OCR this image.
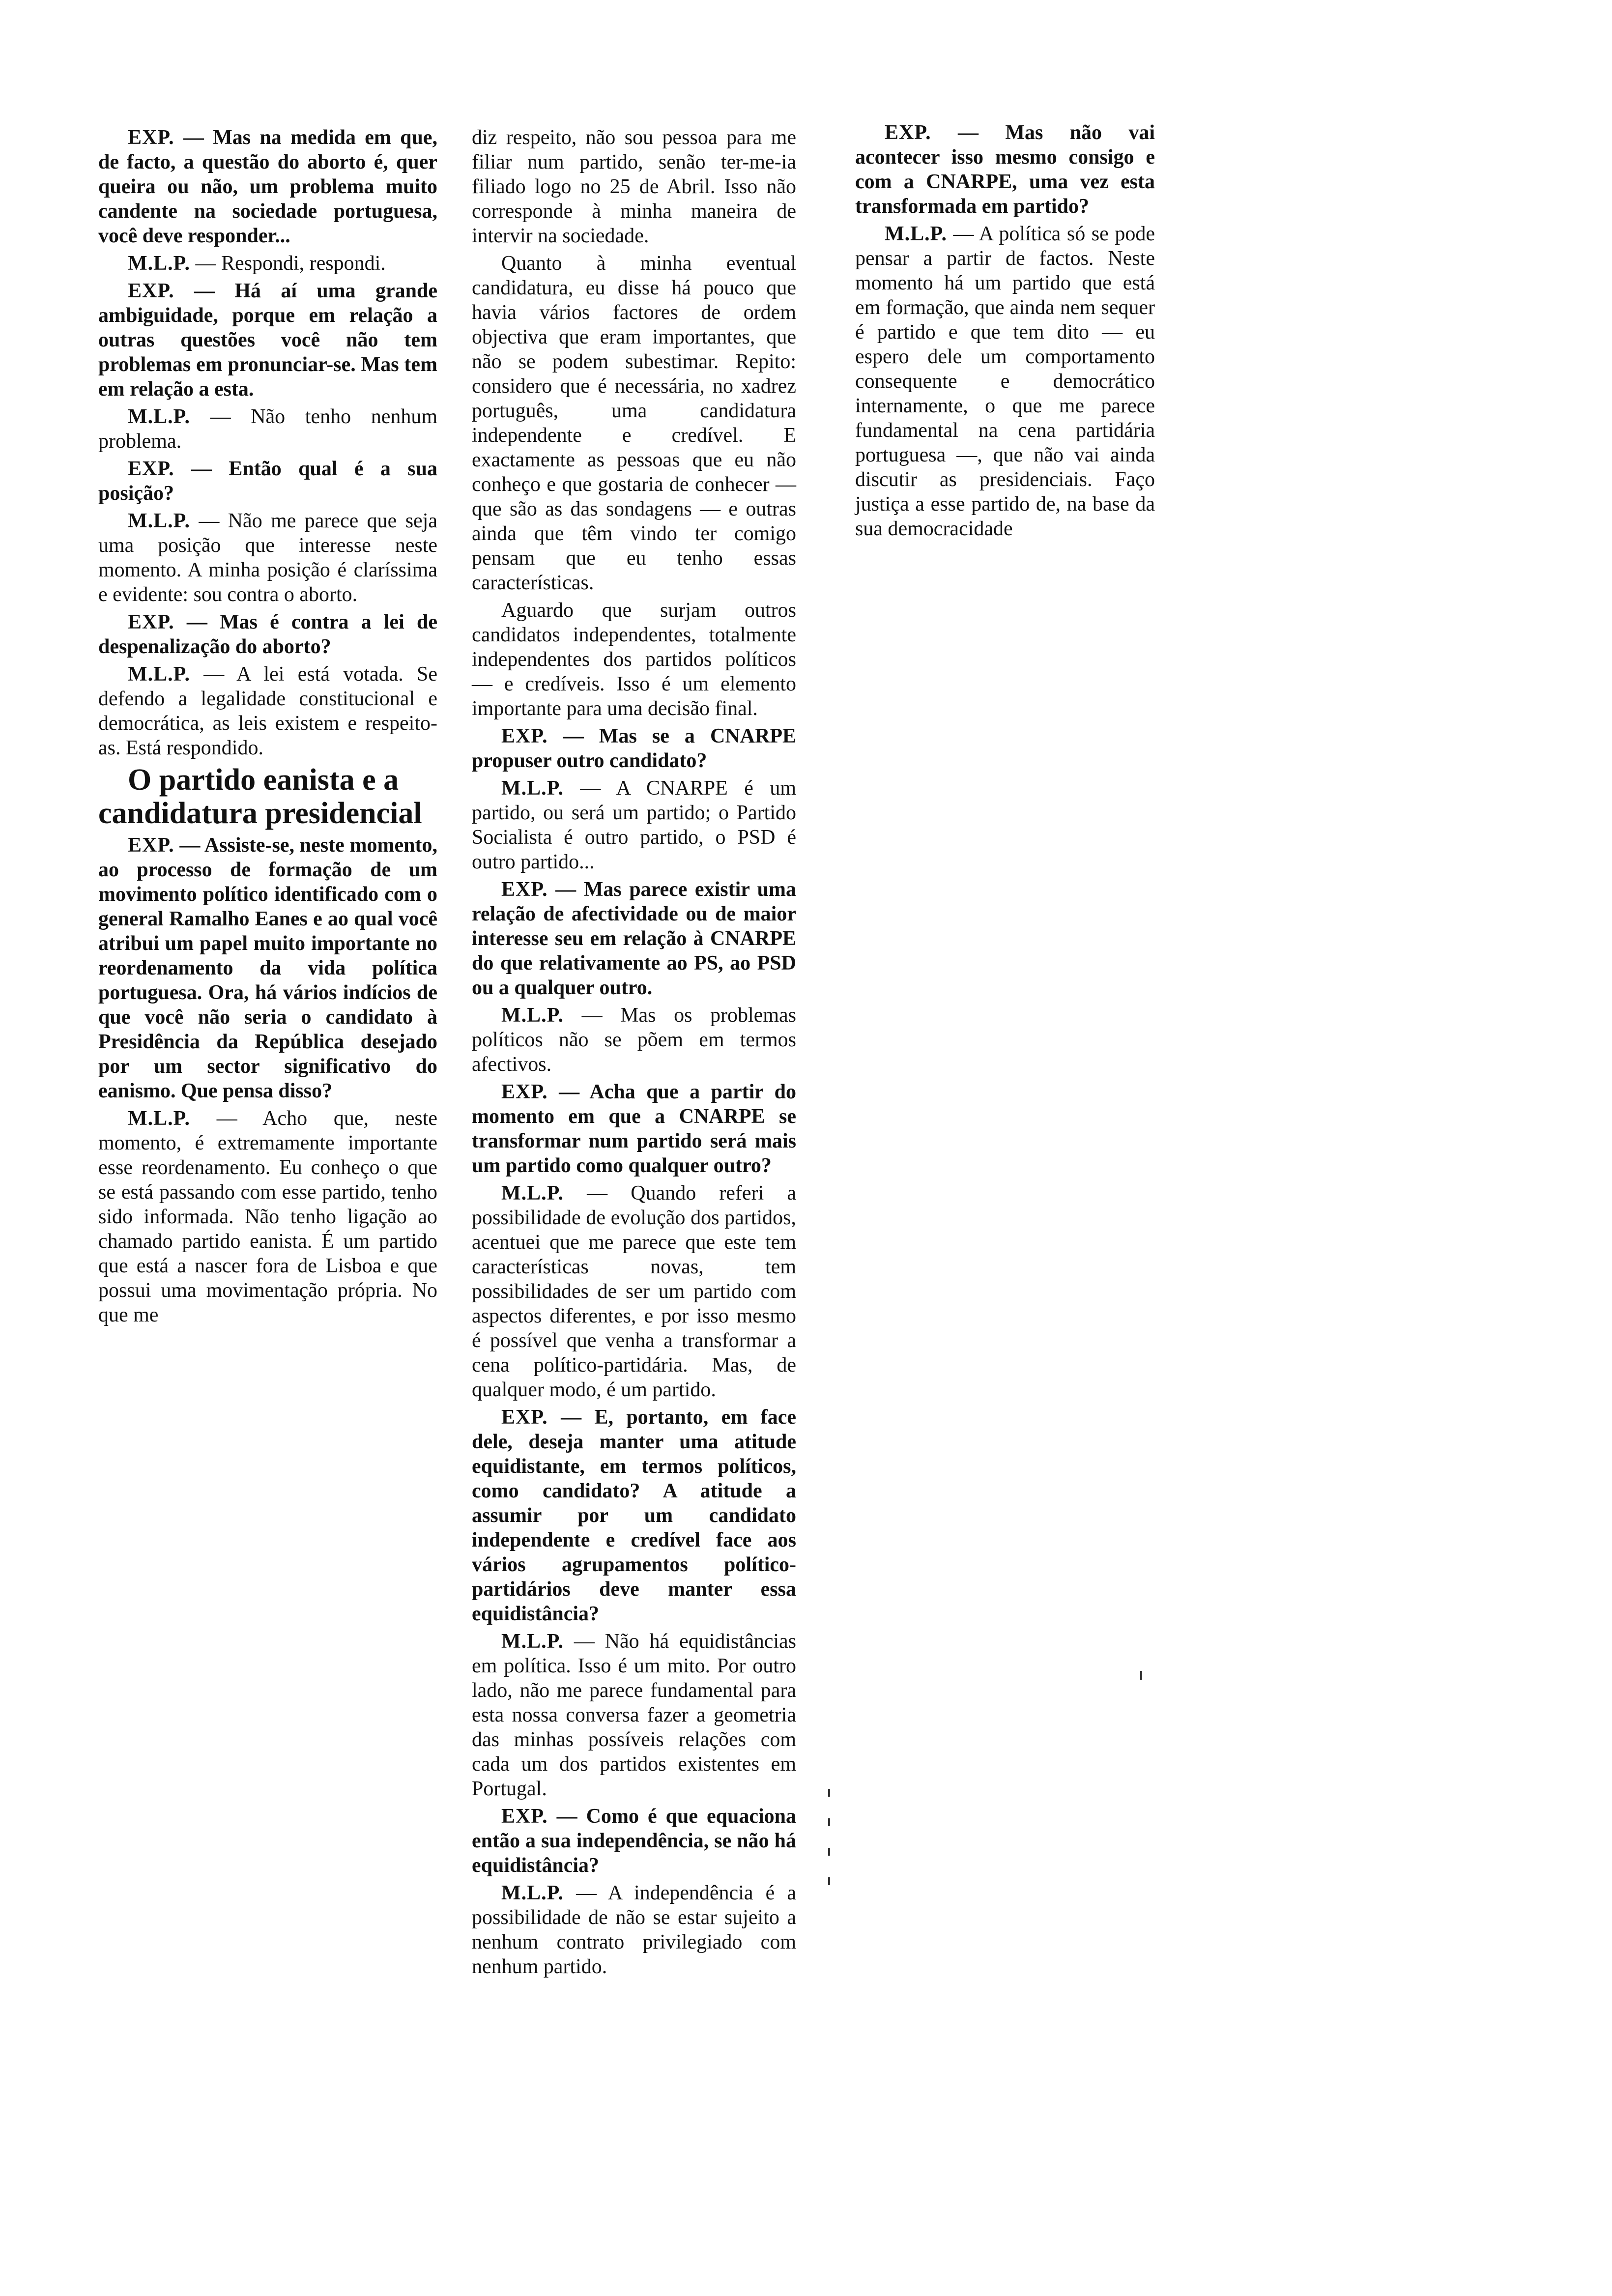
EXP. — Mas na medida em que, de facto, a questão do aborto é, quer queira ou não, um problema muito candente na sociedade portuguesa, você deve responder...

M.L.P. — Respondi, respondi.

EXP. — Há aí uma grande ambiguidade, porque em relação a outras questões você não tem problemas em pronunciar-se. Mas tem em relação a esta.

M.L.P. — Não tenho nenhum problema.

EXP. — Então qual é a sua posição?

M.L.P. — Não me parece que seja uma posição que interesse neste momento. A minha posição é claríssima e evidente: sou contra o aborto.

EXP. — Mas é contra a lei de despenalização do aborto?

M.L.P. — A lei está votada. Se defendo a legalidade constitucional e democrática, as leis existem e respeito-as. Está respondido.

O partido eanista e a candidatura presidencial

EXP. — Assiste-se, neste momento, ao processo de formação de um movimento político identificado com o general Ramalho Eanes e ao qual você atribui um papel muito importante no reordenamento da vida política portuguesa. Ora, há vários indícios de que você não seria o candidato à Presidência da República desejado por um sector significativo do eanismo. Que pensa disso?

M.L.P. — Acho que, neste momento, é extremamente importante esse reordenamento. Eu conheço o que se está passando com esse partido, tenho sido informada. Não tenho ligação ao chamado partido eanista. É um partido que está a nascer fora de Lisboa e que possui uma movimentação própria. No que me

diz respeito, não sou pessoa para me filiar num partido, senão ter-me-ia filiado logo no 25 de Abril. Isso não corresponde à minha maneira de intervir na sociedade.

Quanto à minha eventual candidatura, eu disse há pouco que havia vários factores de ordem objectiva que eram importantes, que não se podem subestimar. Repito: considero que é necessária, no xadrez português, uma candidatura independente e credível. E exactamente as pessoas que eu não conheço e que gostaria de conhecer — que são as das sondagens — e outras ainda que têm vindo ter comigo pensam que eu tenho essas características.

Aguardo que surjam outros candidatos independentes, totalmente independentes dos partidos políticos — e credíveis. Isso é um elemento importante para uma decisão final.

EXP. — Mas se a CNARPE propuser outro candidato?

M.L.P. — A CNARPE é um partido, ou será um partido; o Partido Socialista é outro partido, o PSD é outro partido...

EXP. — Mas parece existir uma relação de afectividade ou de maior interesse seu em relação à CNARPE do que relativamente ao PS, ao PSD ou a qualquer outro.

M.L.P. — Mas os problemas políticos não se põem em termos afectivos.

EXP. — Acha que a partir do momento em que a CNARPE se transformar num partido será mais um partido como qualquer outro?

M.L.P. — Quando referi a possibilidade de evolução dos partidos, acentuei que me parece que este tem características novas, tem possibilidades de ser um partido com aspectos diferentes, e por isso mesmo é possível que venha a transformar a cena político-partidária. Mas, de qualquer modo, é um partido.

EXP. — E, portanto, em face dele, deseja manter uma atitude equidistante, em termos políticos, como candidato? A atitude a assumir por um candidato independente e credível face aos vários agrupamentos político-partidários deve manter essa equidistância?

M.L.P. — Não há equidistâncias em política. Isso é um mito. Por outro lado, não me parece fundamental para esta nossa conversa fazer a geometria das minhas possíveis relações com cada um dos partidos existentes em Portugal.

EXP. — Como é que equaciona então a sua independência, se não há equidistância?

M.L.P. — A independência é a possibilidade de não se estar sujeito a nenhum contrato privilegiado com nenhum partido.

EXP. — Mas não vai acontecer isso mesmo consigo e com a CNARPE, uma vez esta transformada em partido?

M.L.P. — A política só se pode pensar a partir de factos. Neste momento há um partido que está em formação, que ainda nem sequer é partido e que tem dito — eu espero dele um comportamento consequente e democrático internamente, o que me parece fundamental na cena partidária portuguesa —, que não vai ainda discutir as presidenciais. Faço justiça a esse partido de, na base da sua democracidade
